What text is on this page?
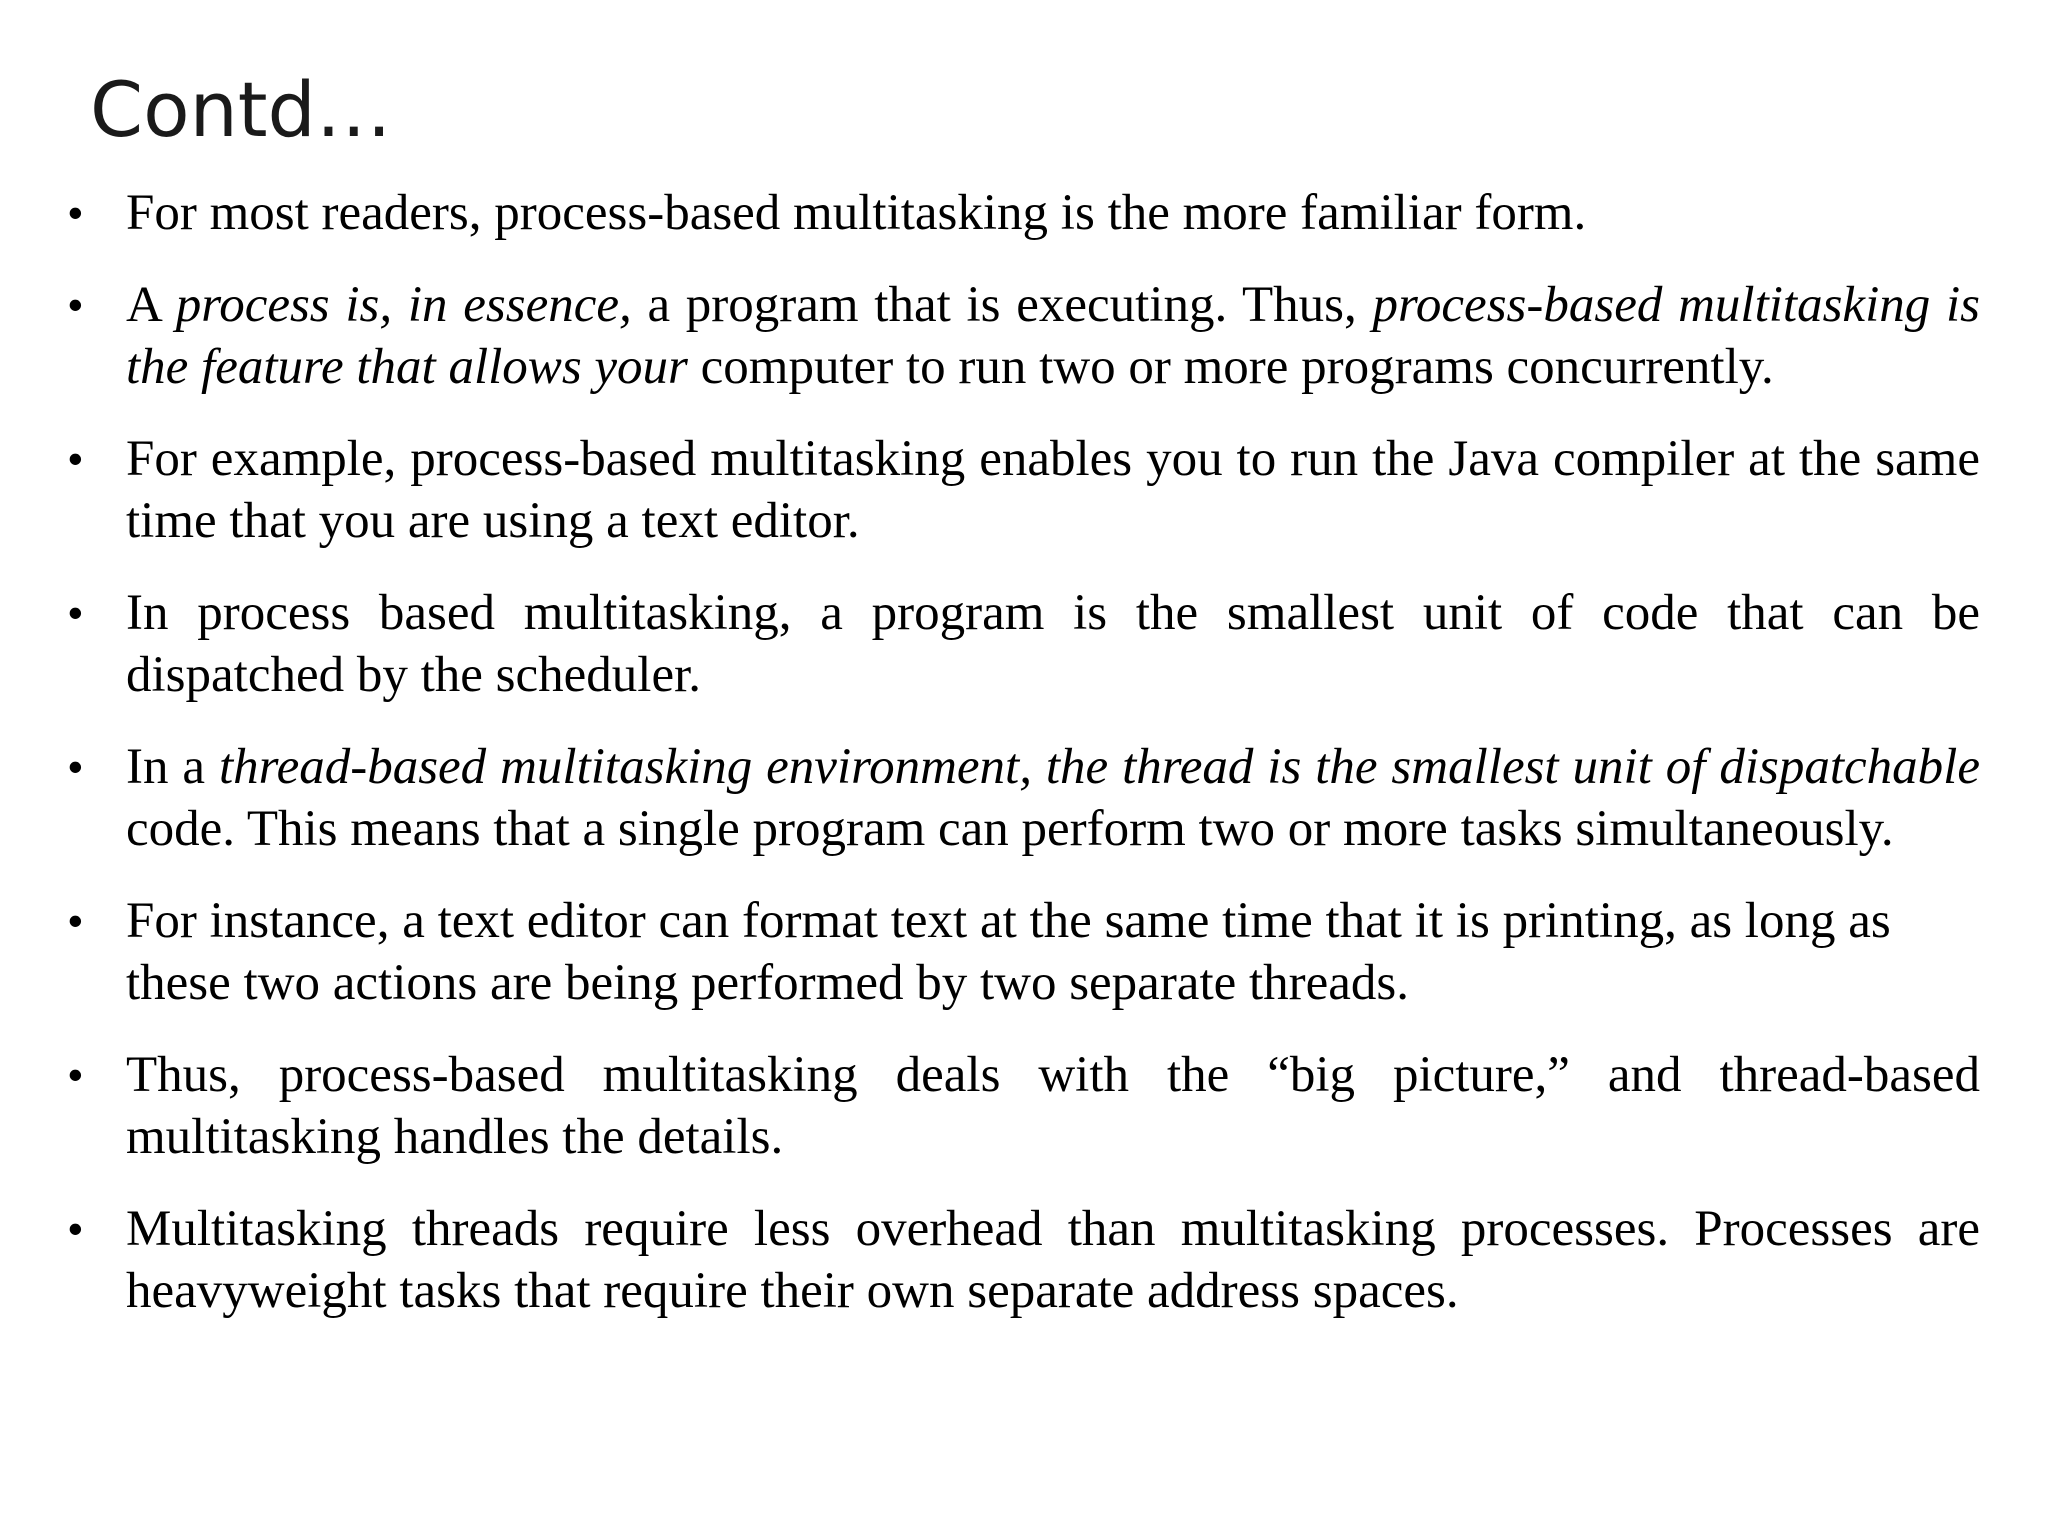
Contd…
• For most readers, process-based multitasking is the more familiar form.
• A process is, in essence, a program that is executing. Thus, process-based multitasking is the feature that allows your computer to run two or more programs concurrently.
• For example, process-based multitasking enables you to run the Java compiler at the same time that you are using a text editor.
• In process based multitasking, a program is the smallest unit of code that can be dispatched by the scheduler.
• In a thread-based multitasking environment, the thread is the smallest unit of dispatchable code. This means that a single program can perform two or more tasks simultaneously.
• For instance, a text editor can format text at the same time that it is printing, as long as these two actions are being performed by two separate threads.
• Thus, process-based multitasking deals with the “big picture,” and thread-based multitasking handles the details.
• Multitasking threads require less overhead than multitasking processes. Processes are heavyweight tasks that require their own separate address spaces.
